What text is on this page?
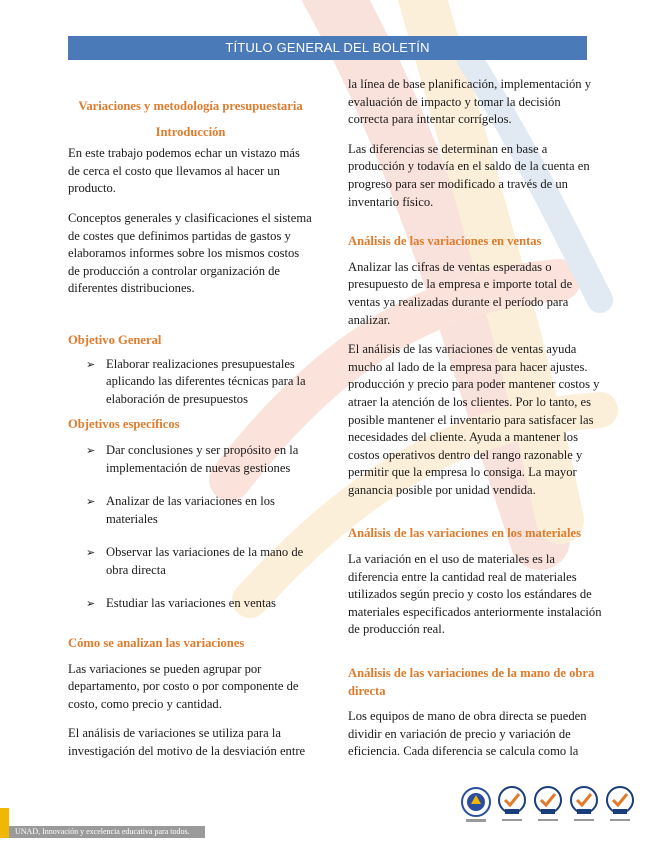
TÍTULO GENERAL DEL BOLETÍN

Variaciones y metodología presupuestaria

Introducción

En este trabajo podemos echar un vistazo más de cerca el costo que llevamos al hacer un producto.

Conceptos generales y clasificaciones el sistema de costes que definimos partidas de gastos y elaboramos informes sobre los mismos costos de producción a controlar organización de diferentes distribuciones.

Objetivo General

➢ Elaborar realizaciones presupuestales aplicando las diferentes técnicas para la elaboración de presupuestos

Objetivos específicos

➢ Dar conclusiones y ser propósito en la implementación de nuevas gestiones
➢ Analizar de las variaciones en los materiales
➢ Observar las variaciones de la mano de obra directa
➢ Estudiar las variaciones en ventas

Cómo se analizan las variaciones

Las variaciones se pueden agrupar por departamento, por costo o por componente de costo, como precio y cantidad.

El análisis de variaciones se utiliza para la investigación del motivo de la desviación entre

la línea de base planificación, implementación y evaluación de impacto y tomar la decisión correcta para intentar corrígelos.

Las diferencias se determinan en base a producción y todavía en el saldo de la cuenta en progreso para ser modificado a través de un inventario físico.

Análisis de las variaciones en ventas

Analizar las cifras de ventas esperadas o presupuesto de la empresa e importe total de ventas ya realizadas durante el período para analizar.

El análisis de las variaciones de ventas ayuda mucho al lado de la empresa para hacer ajustes. producción y precio para poder mantener costos y atraer la atención de los clientes. Por lo tanto, es posible mantener el inventario para satisfacer las necesidades del cliente. Ayuda a mantener los costos operativos dentro del rango razonable y permitir que la empresa lo consiga. La mayor ganancia posible por unidad vendida.

Análisis de las variaciones en los materiales

La variación en el uso de materiales es la diferencia entre la cantidad real de materiales utilizados según precio y costo los estándares de materiales especificados anteriormente instalación de producción real.

Análisis de las variaciones de la mano de obra directa

Los equipos de mano de obra directa se pueden dividir en variación de precio y variación de eficiencia. Cada diferencia se calcula como la

UNAD, Innovación y excelencia educativa para todos.
